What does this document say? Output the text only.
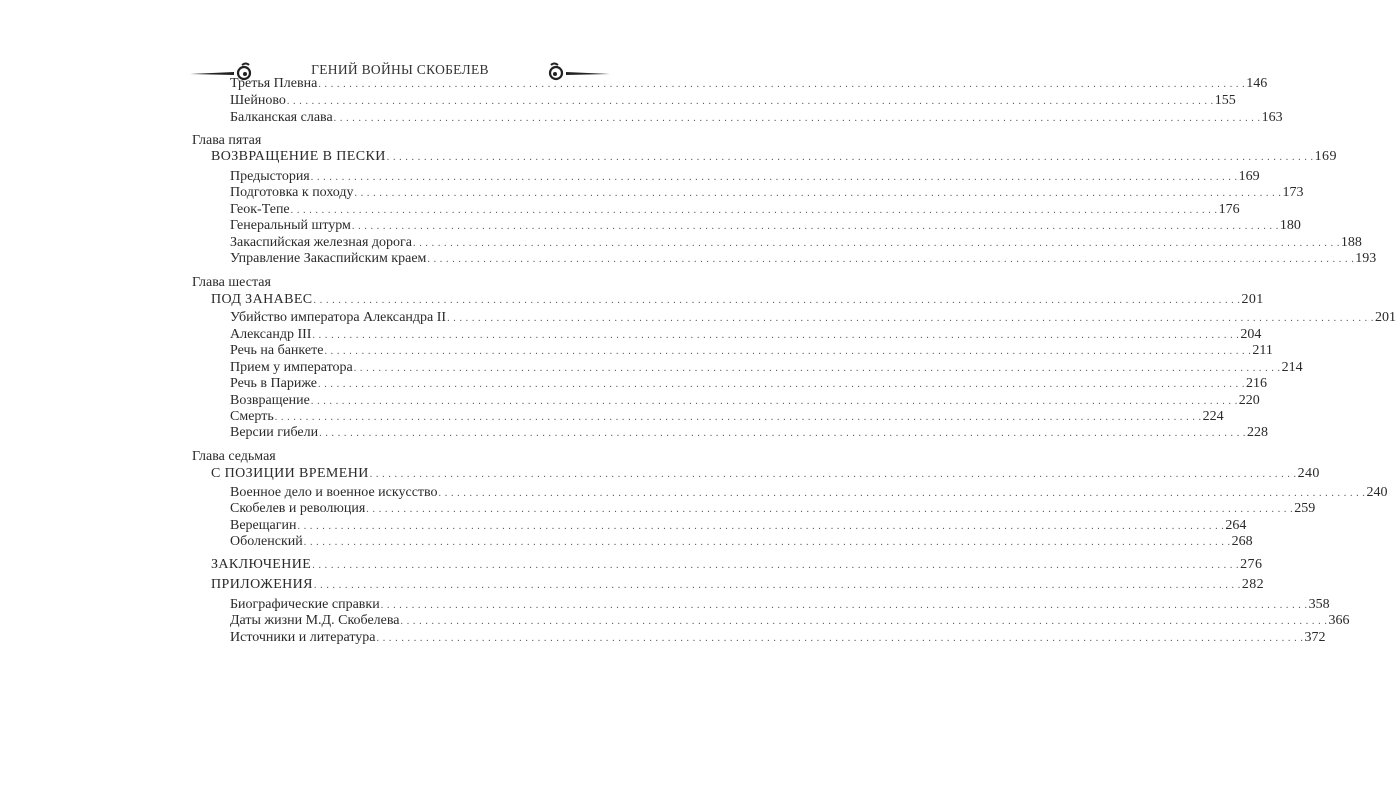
ГЕНИЙ ВОЙНЫ СКОБЕЛЕВ
Третья Плевна . . . . . . . . . . . . . . . . . . . . . . . . . . . . . . . . . . . . . . . . . . . . . . . . . . . . . . . . . . . . . . . . . . . . . . . . . . . . . . . . . . . . . . . . . . . . . . . . . . . . . . . . . . . . . . . . . . . . . . . . . . . . . . . . . . . . . . . . . . . . . . . . . . . . . . 146
Шейново . . . . . . . . . . . . . . . . . . . . . . . . . . . . . . . . . . . . . . . . . . . . . . . . . . . . . . . . . . . . . . . . . . . . . . . . . . . . . . . . . . . . . . . . . . . . . . . . . . . . . . . . . . . . . . . . . . . . . . . . . . . . . . . . . . . . . . . . . . . . . . . . . . . . . . 155
Балканская слава . . . . . . . . . . . . . . . . . . . . . . . . . . . . . . . . . . . . . . . . . . . . . . . . . . . . . . . . . . . . . . . . . . . . . . . . . . . . . . . . . . . . . . . . . . . . . . . . . . . . . . . . . . . . . . . . . . . . . . . . . . . . . . . . . . . . . . . . . . . . . . . . . . . . . . 163
Глава пятая
ВОЗВРАЩЕНИЕ В ПЕСКИ . . . . . . . . . . . . . . . . . . . . . . . . . . . . . . . . . . . . . . . . . . . . . . . . . . . . . . . . . . . . . . . . . . . . . . . . . . . . . . . . . . . . . . . . . . . . . . . . . . . . . . . . . . . . . . . . . . . . . . . . . . . . . . . . . . . . . . . . . . . . . . . . . . . . . . 169
Предыстория . . . . . . . . . . . . . . . . . . . . . . . . . . . . . . . . . . . . . . . . . . . . . . . . . . . . . . . . . . . . . . . . . . . . . . . . . . . . . . . . . . . . . . . . . . . . . . . . . . . . . . . . . . . . . . . . . . . . . . . . . . . . . . . . . . . . . . . . . . . . . . . . . . . . . . 169
Подготовка к походу . . . . . . . . . . . . . . . . . . . . . . . . . . . . . . . . . . . . . . . . . . . . . . . . . . . . . . . . . . . . . . . . . . . . . . . . . . . . . . . . . . . . . . . . . . . . . . . . . . . . . . . . . . . . . . . . . . . . . . . . . . . . . . . . . . . . . . . . . . . . . . . . . . . . . . 173
Геок-Тепе . . . . . . . . . . . . . . . . . . . . . . . . . . . . . . . . . . . . . . . . . . . . . . . . . . . . . . . . . . . . . . . . . . . . . . . . . . . . . . . . . . . . . . . . . . . . . . . . . . . . . . . . . . . . . . . . . . . . . . . . . . . . . . . . . . . . . . . . . . . . . . . . . . . . . . 176
Генеральный штурм . . . . . . . . . . . . . . . . . . . . . . . . . . . . . . . . . . . . . . . . . . . . . . . . . . . . . . . . . . . . . . . . . . . . . . . . . . . . . . . . . . . . . . . . . . . . . . . . . . . . . . . . . . . . . . . . . . . . . . . . . . . . . . . . . . . . . . . . . . . . . . . . . . . . . . 180
Закаспийская железная дорога . . . . . . . . . . . . . . . . . . . . . . . . . . . . . . . . . . . . . . . . . . . . . . . . . . . . . . . . . . . . . . . . . . . . . . . . . . . . . . . . . . . . . . . . . . . . . . . . . . . . . . . . . . . . . . . . . . . . . . . . . . . . . . . . . . . . . . . . . . . . . . . . . . . . . . 188
Управление Закаспийским краем . . . . . . . . . . . . . . . . . . . . . . . . . . . . . . . . . . . . . . . . . . . . . . . . . . . . . . . . . . . . . . . . . . . . . . . . . . . . . . . . . . . . . . . . . . . . . . . . . . . . . . . . . . . . . . . . . . . . . . . . . . . . . . . . . . . . . . . . . . . . . . . . . . . . . . 193
Глава шестая
ПОД ЗАНАВЕС . . . . . . . . . . . . . . . . . . . . . . . . . . . . . . . . . . . . . . . . . . . . . . . . . . . . . . . . . . . . . . . . . . . . . . . . . . . . . . . . . . . . . . . . . . . . . . . . . . . . . . . . . . . . . . . . . . . . . . . . . . . . . . . . . . . . . . . . . . . . . . . . . . . . . . 201
Убийство императора Александра II . . . . . . . . . . . . . . . . . . . . . . . . . . . . . . . . . . . . . . . . . . . . . . . . . . . . . . . . . . . . . . . . . . . . . . . . . . . . . . . . . . . . . . . . . . . . . . . . . . . . . . . . . . . . . . . . . . . . . . . . . . . . . . . . . . . . . . . . . . . . . . . . . . . . . . 201
Александр III . . . . . . . . . . . . . . . . . . . . . . . . . . . . . . . . . . . . . . . . . . . . . . . . . . . . . . . . . . . . . . . . . . . . . . . . . . . . . . . . . . . . . . . . . . . . . . . . . . . . . . . . . . . . . . . . . . . . . . . . . . . . . . . . . . . . . . . . . . . . . . . . . . . . . . 204
Речь на банкете . . . . . . . . . . . . . . . . . . . . . . . . . . . . . . . . . . . . . . . . . . . . . . . . . . . . . . . . . . . . . . . . . . . . . . . . . . . . . . . . . . . . . . . . . . . . . . . . . . . . . . . . . . . . . . . . . . . . . . . . . . . . . . . . . . . . . . . . . . . . . . . . . . . . . . 211
Прием у императора . . . . . . . . . . . . . . . . . . . . . . . . . . . . . . . . . . . . . . . . . . . . . . . . . . . . . . . . . . . . . . . . . . . . . . . . . . . . . . . . . . . . . . . . . . . . . . . . . . . . . . . . . . . . . . . . . . . . . . . . . . . . . . . . . . . . . . . . . . . . . . . . . . . . . . 214
Речь в Париже . . . . . . . . . . . . . . . . . . . . . . . . . . . . . . . . . . . . . . . . . . . . . . . . . . . . . . . . . . . . . . . . . . . . . . . . . . . . . . . . . . . . . . . . . . . . . . . . . . . . . . . . . . . . . . . . . . . . . . . . . . . . . . . . . . . . . . . . . . . . . . . . . . . . . . 216
Возвращение . . . . . . . . . . . . . . . . . . . . . . . . . . . . . . . . . . . . . . . . . . . . . . . . . . . . . . . . . . . . . . . . . . . . . . . . . . . . . . . . . . . . . . . . . . . . . . . . . . . . . . . . . . . . . . . . . . . . . . . . . . . . . . . . . . . . . . . . . . . . . . . . . . . . . . 220
Смерть . . . . . . . . . . . . . . . . . . . . . . . . . . . . . . . . . . . . . . . . . . . . . . . . . . . . . . . . . . . . . . . . . . . . . . . . . . . . . . . . . . . . . . . . . . . . . . . . . . . . . . . . . . . . . . . . . . . . . . . . . . . . . . . . . . . . . . . . . . . . . . . . . . . . . . 224
Версии гибели . . . . . . . . . . . . . . . . . . . . . . . . . . . . . . . . . . . . . . . . . . . . . . . . . . . . . . . . . . . . . . . . . . . . . . . . . . . . . . . . . . . . . . . . . . . . . . . . . . . . . . . . . . . . . . . . . . . . . . . . . . . . . . . . . . . . . . . . . . . . . . . . . . . . . . 228
Глава седьмая
С ПОЗИЦИИ ВРЕМЕНИ . . . . . . . . . . . . . . . . . . . . . . . . . . . . . . . . . . . . . . . . . . . . . . . . . . . . . . . . . . . . . . . . . . . . . . . . . . . . . . . . . . . . . . . . . . . . . . . . . . . . . . . . . . . . . . . . . . . . . . . . . . . . . . . . . . . . . . . . . . . . . . . . . . . . . . 240
Военное дело и военное искусство . . . . . . . . . . . . . . . . . . . . . . . . . . . . . . . . . . . . . . . . . . . . . . . . . . . . . . . . . . . . . . . . . . . . . . . . . . . . . . . . . . . . . . . . . . . . . . . . . . . . . . . . . . . . . . . . . . . . . . . . . . . . . . . . . . . . . . . . . . . . . . . . . . . . . . 240
Скобелев и революция . . . . . . . . . . . . . . . . . . . . . . . . . . . . . . . . . . . . . . . . . . . . . . . . . . . . . . . . . . . . . . . . . . . . . . . . . . . . . . . . . . . . . . . . . . . . . . . . . . . . . . . . . . . . . . . . . . . . . . . . . . . . . . . . . . . . . . . . . . . . . . . . . . . . . . 259
Верещагин . . . . . . . . . . . . . . . . . . . . . . . . . . . . . . . . . . . . . . . . . . . . . . . . . . . . . . . . . . . . . . . . . . . . . . . . . . . . . . . . . . . . . . . . . . . . . . . . . . . . . . . . . . . . . . . . . . . . . . . . . . . . . . . . . . . . . . . . . . . . . . . . . . . . . . 264
Оболенский . . . . . . . . . . . . . . . . . . . . . . . . . . . . . . . . . . . . . . . . . . . . . . . . . . . . . . . . . . . . . . . . . . . . . . . . . . . . . . . . . . . . . . . . . . . . . . . . . . . . . . . . . . . . . . . . . . . . . . . . . . . . . . . . . . . . . . . . . . . . . . . . . . . . . . 268
ЗАКЛЮЧЕНИЕ . . . . . . . . . . . . . . . . . . . . . . . . . . . . . . . . . . . . . . . . . . . . . . . . . . . . . . . . . . . . . . . . . . . . . . . . . . . . . . . . . . . . . . . . . . . . . . . . . . . . . . . . . . . . . . . . . . . . . . . . . . . . . . . . . . . . . . . . . . . . . . . . . . . . . . 276
ПРИЛОЖЕНИЯ . . . . . . . . . . . . . . . . . . . . . . . . . . . . . . . . . . . . . . . . . . . . . . . . . . . . . . . . . . . . . . . . . . . . . . . . . . . . . . . . . . . . . . . . . . . . . . . . . . . . . . . . . . . . . . . . . . . . . . . . . . . . . . . . . . . . . . . . . . . . . . . . . . . . . . 282
Биографические справки . . . . . . . . . . . . . . . . . . . . . . . . . . . . . . . . . . . . . . . . . . . . . . . . . . . . . . . . . . . . . . . . . . . . . . . . . . . . . . . . . . . . . . . . . . . . . . . . . . . . . . . . . . . . . . . . . . . . . . . . . . . . . . . . . . . . . . . . . . . . . . . . . . . . . . 358
Даты жизни М.Д. Скобелева . . . . . . . . . . . . . . . . . . . . . . . . . . . . . . . . . . . . . . . . . . . . . . . . . . . . . . . . . . . . . . . . . . . . . . . . . . . . . . . . . . . . . . . . . . . . . . . . . . . . . . . . . . . . . . . . . . . . . . . . . . . . . . . . . . . . . . . . . . . . . . . . . . . . . . 366
Источники и литература . . . . . . . . . . . . . . . . . . . . . . . . . . . . . . . . . . . . . . . . . . . . . . . . . . . . . . . . . . . . . . . . . . . . . . . . . . . . . . . . . . . . . . . . . . . . . . . . . . . . . . . . . . . . . . . . . . . . . . . . . . . . . . . . . . . . . . . . . . . . . . . . . . . . . . 372
